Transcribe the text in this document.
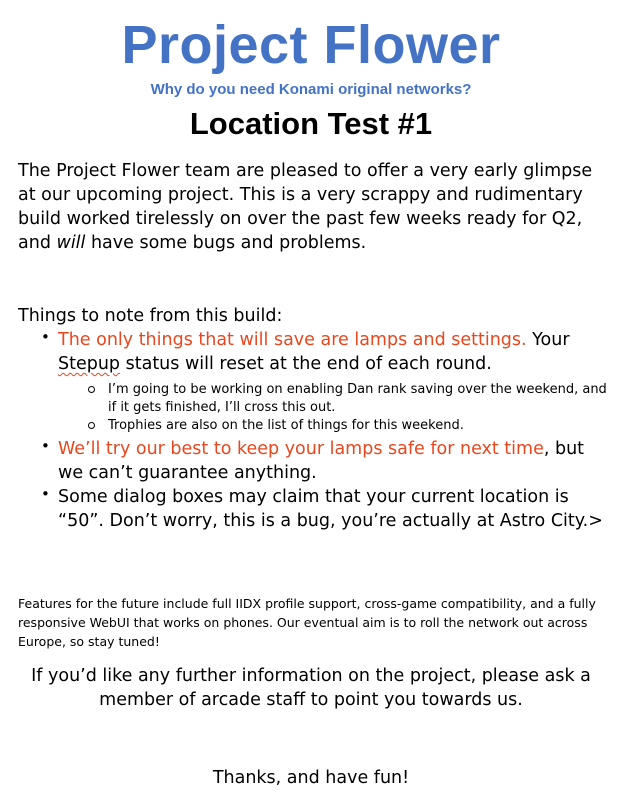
Project Flower
Why do you need Konami original networks?
Location Test #1

The Project Flower team are pleased to offer a very early glimpse at our upcoming project. This is a very scrappy and rudimentary build worked tirelessly on over the past few weeks ready for Q2, and will have some bugs and problems.

Things to note from this build:

• The only things that will save are lamps and settings. Your Stepup status will reset at the end of each round.
I’m going to be working on enabling Dan rank saving over the weekend, and if it gets finished, I’ll cross this out.
Trophies are also on the list of things for this weekend.
• We’ll try our best to keep your lamps safe for next time, but we can’t guarantee anything.
• Some dialog boxes may claim that your current location is “50”. Don’t worry, this is a bug, you’re actually at Astro City.>

Features for the future include full IIDX profile support, cross-game compatibility, and a fully responsive WebUI that works on phones. Our eventual aim is to roll the network out across Europe, so stay tuned!

If you’d like any further information on the project, please ask a member of arcade staff to point you towards us.

Thanks, and have fun!
